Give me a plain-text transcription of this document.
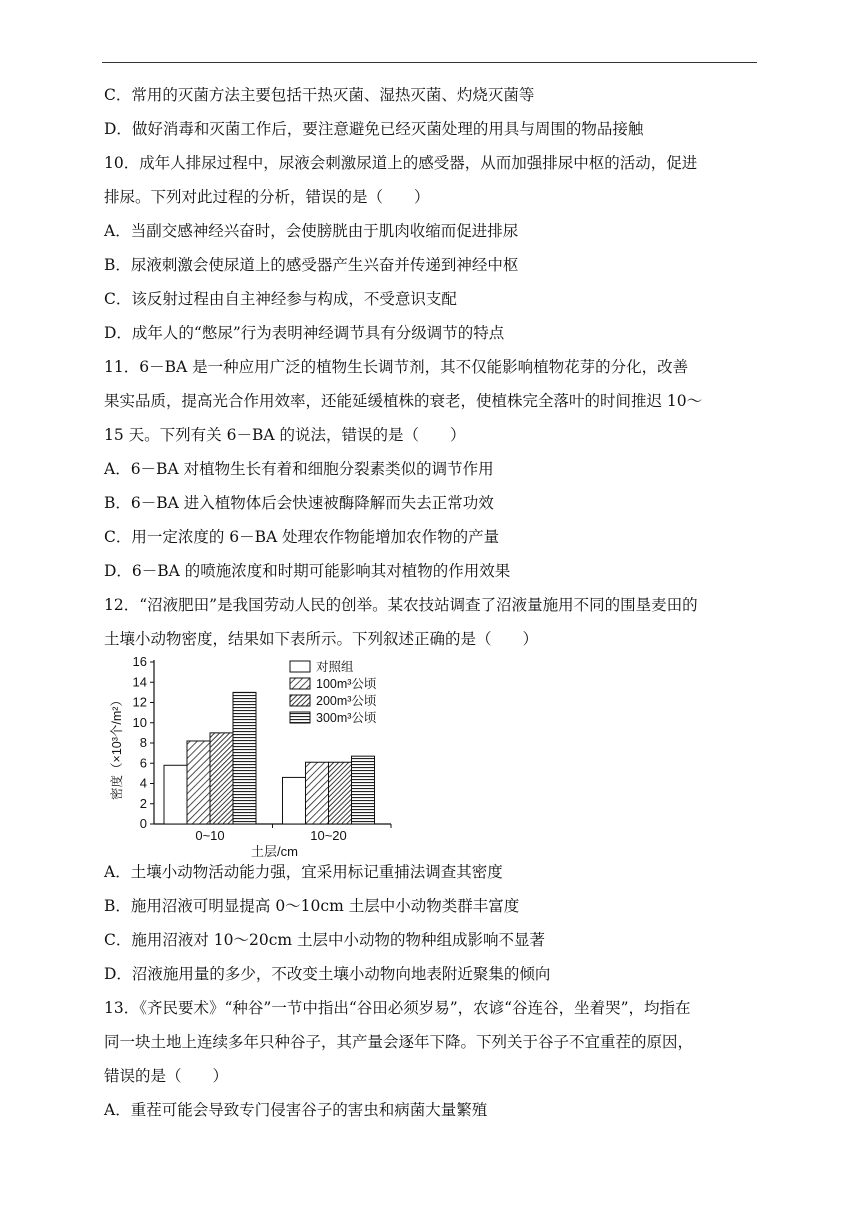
C．常用的灭菌方法主要包括干热灭菌、湿热灭菌、灼烧灭菌等
D．做好消毒和灭菌工作后，要注意避免已经灭菌处理的用具与周围的物品接触
10．成年人排尿过程中，尿液会刺激尿道上的感受器，从而加强排尿中枢的活动，促进
排尿。下列对此过程的分析，错误的是（　　）
A．当副交感神经兴奋时，会使膀胱由于肌肉收缩而促进排尿
B．尿液刺激会使尿道上的感受器产生兴奋并传递到神经中枢
C．该反射过程由自主神经参与构成，不受意识支配
D．成年人的“憋尿”行为表明神经调节具有分级调节的特点
11．6－BA 是一种应用广泛的植物生长调节剂，其不仅能影响植物花芽的分化，改善
果实品质，提高光合作用效率，还能延缓植株的衰老，使植株完全落叶的时间推迟 10～
15 天。下列有关 6－BA 的说法，错误的是（　　）
A．6－BA 对植物生长有着和细胞分裂素类似的调节作用
B．6－BA 进入植物体后会快速被酶降解而失去正常功效
C．用一定浓度的 6－BA 处理农作物能增加农作物的产量
D．6－BA 的喷施浓度和时期可能影响其对植物的作用效果
12．“沼液肥田”是我国劳动人民的创举。某农技站调查了沼液量施用不同的围垦麦田的
土壤小动物密度，结果如下表所示。下列叙述正确的是（　　）
0
2
4
6
8
10
12
14
16
密度（×10³个/m²）
0~10	10~20
土层/cm
对照组
100m³公顷
200m³公顷
300m³公顷
A．土壤小动物活动能力强，宜采用标记重捕法调查其密度
B．施用沼液可明显提高 0～10cm 土层中小动物类群丰富度
C．施用沼液对 10～20cm 土层中小动物的物种组成影响不显著
D．沼液施用量的多少，不改变土壤小动物向地表附近聚集的倾向
13．《齐民要术》“种谷”一节中指出“谷田必须岁易”，农谚“谷连谷，坐着哭”，均指在
同一块土地上连续多年只种谷子，其产量会逐年下降。下列关于谷子不宜重茬的原因，
错误的是（　　）
A．重茬可能会导致专门侵害谷子的害虫和病菌大量繁殖
